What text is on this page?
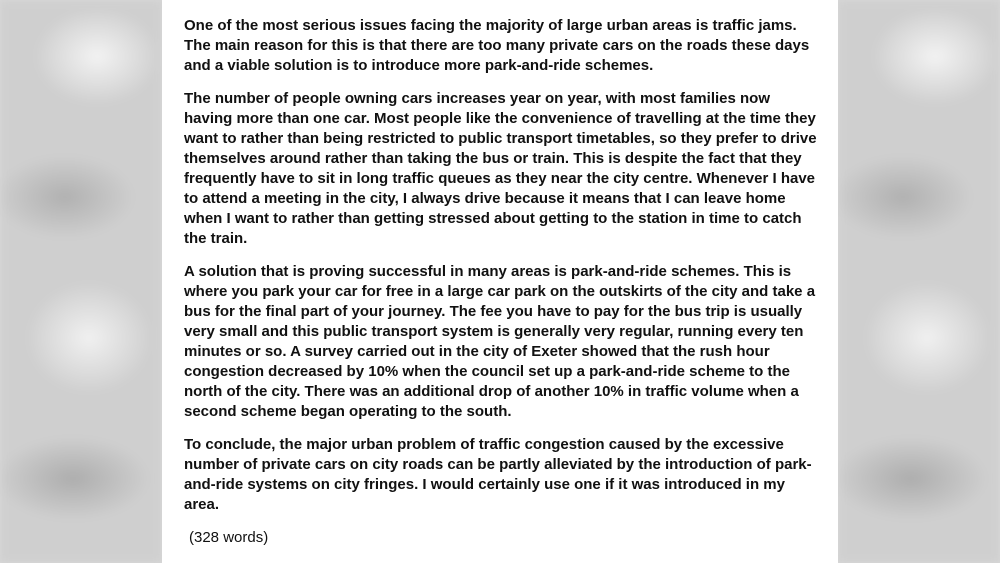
One of the most serious issues facing the majority of large urban areas is traffic jams. The main reason for this is that there are too many private cars on the roads these days and a viable solution is to introduce more park-and-ride schemes.

The number of people owning cars increases year on year, with most families now having more than one car. Most people like the convenience of travelling at the time they want to rather than being restricted to public transport timetables, so they prefer to drive themselves around rather than taking the bus or train. This is despite the fact that they frequently have to sit in long traffic queues as they near the city centre. Whenever I have to attend a meeting in the city, I always drive because it means that I can leave home when I want to rather than getting stressed about getting to the station in time to catch the train.

A solution that is proving successful in many areas is park-and-ride schemes. This is where you park your car for free in a large car park on the outskirts of the city and take a bus for the final part of your journey. The fee you have to pay for the bus trip is usually very small and this public transport system is generally very regular, running every ten minutes or so. A survey carried out in the city of Exeter showed that the rush hour congestion decreased by 10% when the council set up a park-and-ride scheme to the north of the city. There was an additional drop of another 10% in traffic volume when a second scheme began operating to the south.

To conclude, the major urban problem of traffic congestion caused by the excessive number of private cars on city roads can be partly alleviated by the introduction of park-and-ride systems on city fringes. I would certainly use one if it was introduced in my area.

(328 words)
